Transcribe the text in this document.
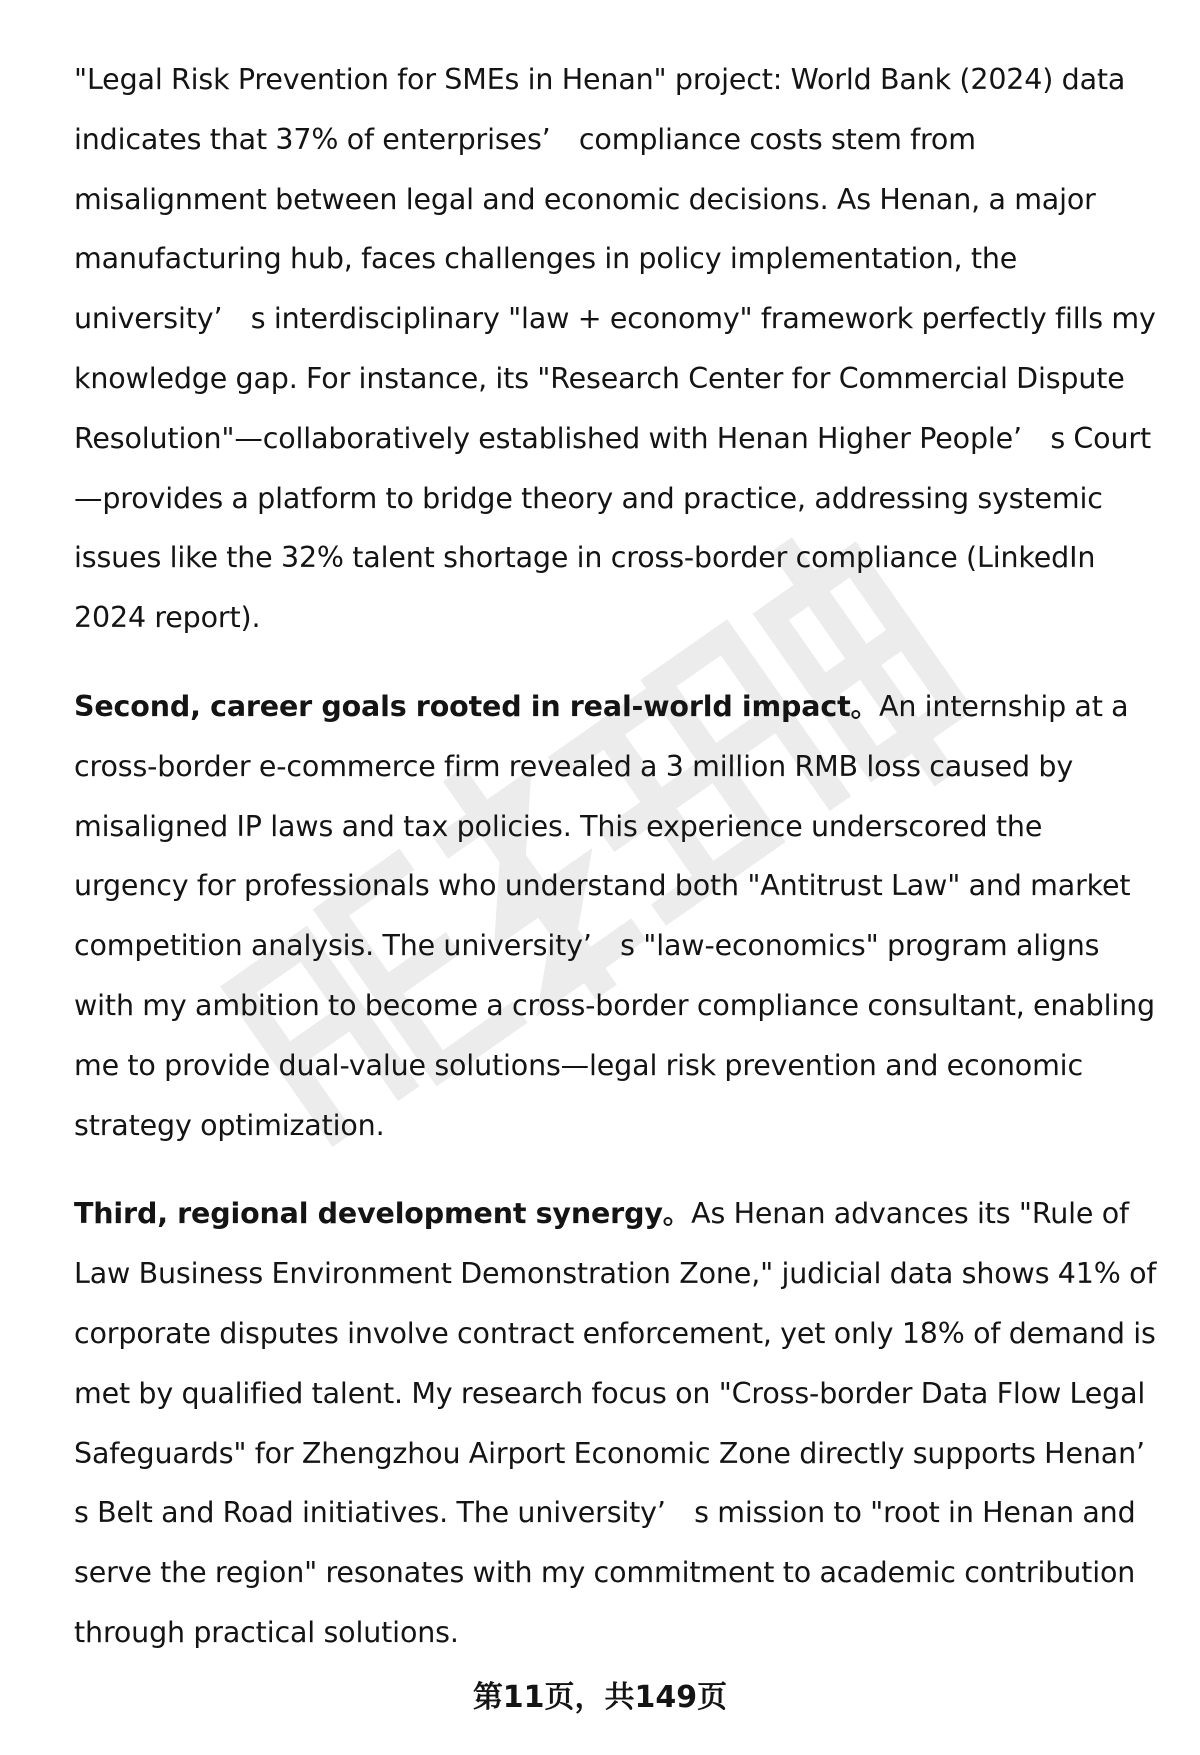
"Legal Risk Prevention for SMEs in Henan" project: World Bank (2024) data indicates that 37% of enterprises’　compliance costs stem from misalignment between legal and economic decisions. As Henan, a major manufacturing hub, faces challenges in policy implementation, the university’　s interdisciplinary "law + economy" framework perfectly fills my knowledge gap. For instance, its "Research Center for Commercial Dispute Resolution"—collaboratively established with Henan Higher People’　s Court—provides a platform to bridge theory and practice, addressing systemic issues like the 32% talent shortage in cross-border compliance (LinkedIn 2024 report).

Second, career goals rooted in real-world impact。An internship at a cross-border e-commerce firm revealed a 3 million RMB loss caused by misaligned IP laws and tax policies. This experience underscored the urgency for professionals who understand both "Antitrust Law" and market competition analysis. The university’　s "law-economics" program aligns with my ambition to become a cross-border compliance consultant, enabling me to provide dual-value solutions—legal risk prevention and economic strategy optimization.

Third, regional development synergy。As Henan advances its "Rule of Law Business Environment Demonstration Zone," judicial data shows 41% of corporate disputes involve contract enforcement, yet only 18% of demand is met by qualified talent. My research focus on "Cross-border Data Flow Legal Safeguards" for Zhengzhou Airport Economic Zone directly supports Henan’　s Belt and Road initiatives. The university’　s mission to "root in Henan and serve the region" resonates with my commitment to academic contribution through practical solutions.

第11页，共149页
